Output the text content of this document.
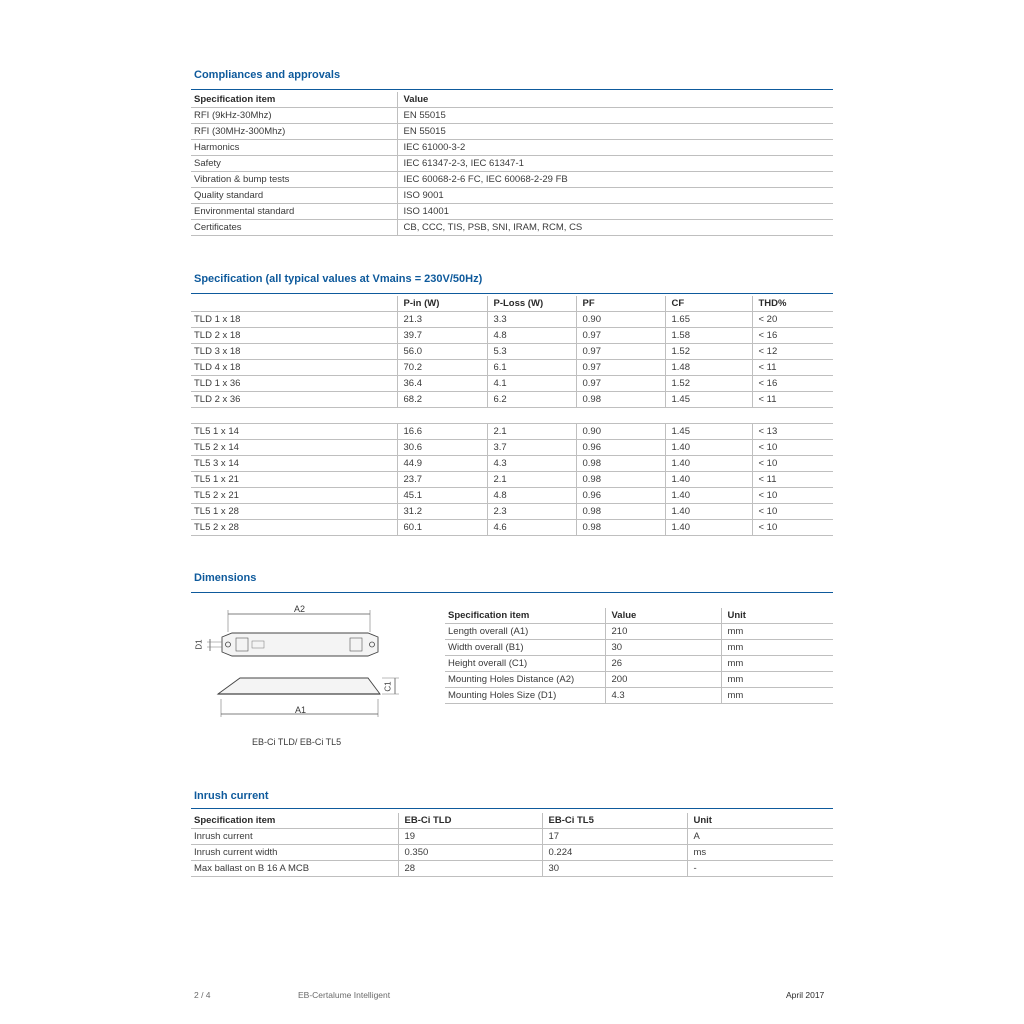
Compliances and approvals
Specification item	Value
RFI (9kHz-30Mhz)	EN 55015
RFI (30MHz-300Mhz)	EN 55015
Harmonics	IEC 61000-3-2
Safety	IEC 61347-2-3, IEC 61347-1
Vibration & bump tests	IEC 60068-2-6 FC, IEC 60068-2-29 FB
Quality standard	ISO 9001
Environmental standard	ISO 14001
Certificates	CB, CCC, TIS, PSB, SNI, IRAM, RCM, CS
Specification (all typical values at Vmains = 230V/50Hz)
	P-in (W)	P-Loss (W)	PF	CF	THD%
TLD 1 x 18	21.3	3.3	0.90	1.65	< 20
TLD 2 x 18	39.7	4.8	0.97	1.58	< 16
TLD 3 x 18	56.0	5.3	0.97	1.52	< 12
TLD 4 x 18	70.2	6.1	0.97	1.48	< 11
TLD 1 x 36	36.4	4.1	0.97	1.52	< 16
TLD 2 x 36	68.2	6.2	0.98	1.45	< 11

TL5 1 x 14	16.6	2.1	0.90	1.45	< 13
TL5 2 x 14	30.6	3.7	0.96	1.40	< 10
TL5 3 x 14	44.9	4.3	0.98	1.40	< 10
TL5 1 x 21	23.7	2.1	0.98	1.40	< 11
TL5 2 x 21	45.1	4.8	0.96	1.40	< 10
TL5 1 x 28	31.2	2.3	0.98	1.40	< 10
TL5 2 x 28	60.1	4.6	0.98	1.40	< 10
Dimensions
A2
D1
C1
A1
EB-Ci TLD/ EB-Ci TL5
Specification item	Value	Unit
Length overall (A1)	210	mm
Width overall (B1)	30	mm
Height overall (C1)	26	mm
Mounting Holes Distance (A2)	200	mm
Mounting Holes Size (D1)	4.3	mm
Inrush current
Specification item	EB-Ci TLD	EB-Ci TL5	Unit
Inrush current	19	17	A
Inrush current width	0.350	0.224	ms
Max ballast on B 16 A MCB	28	30	-
2 / 4	EB-Certalume Intelligent	April 2017
